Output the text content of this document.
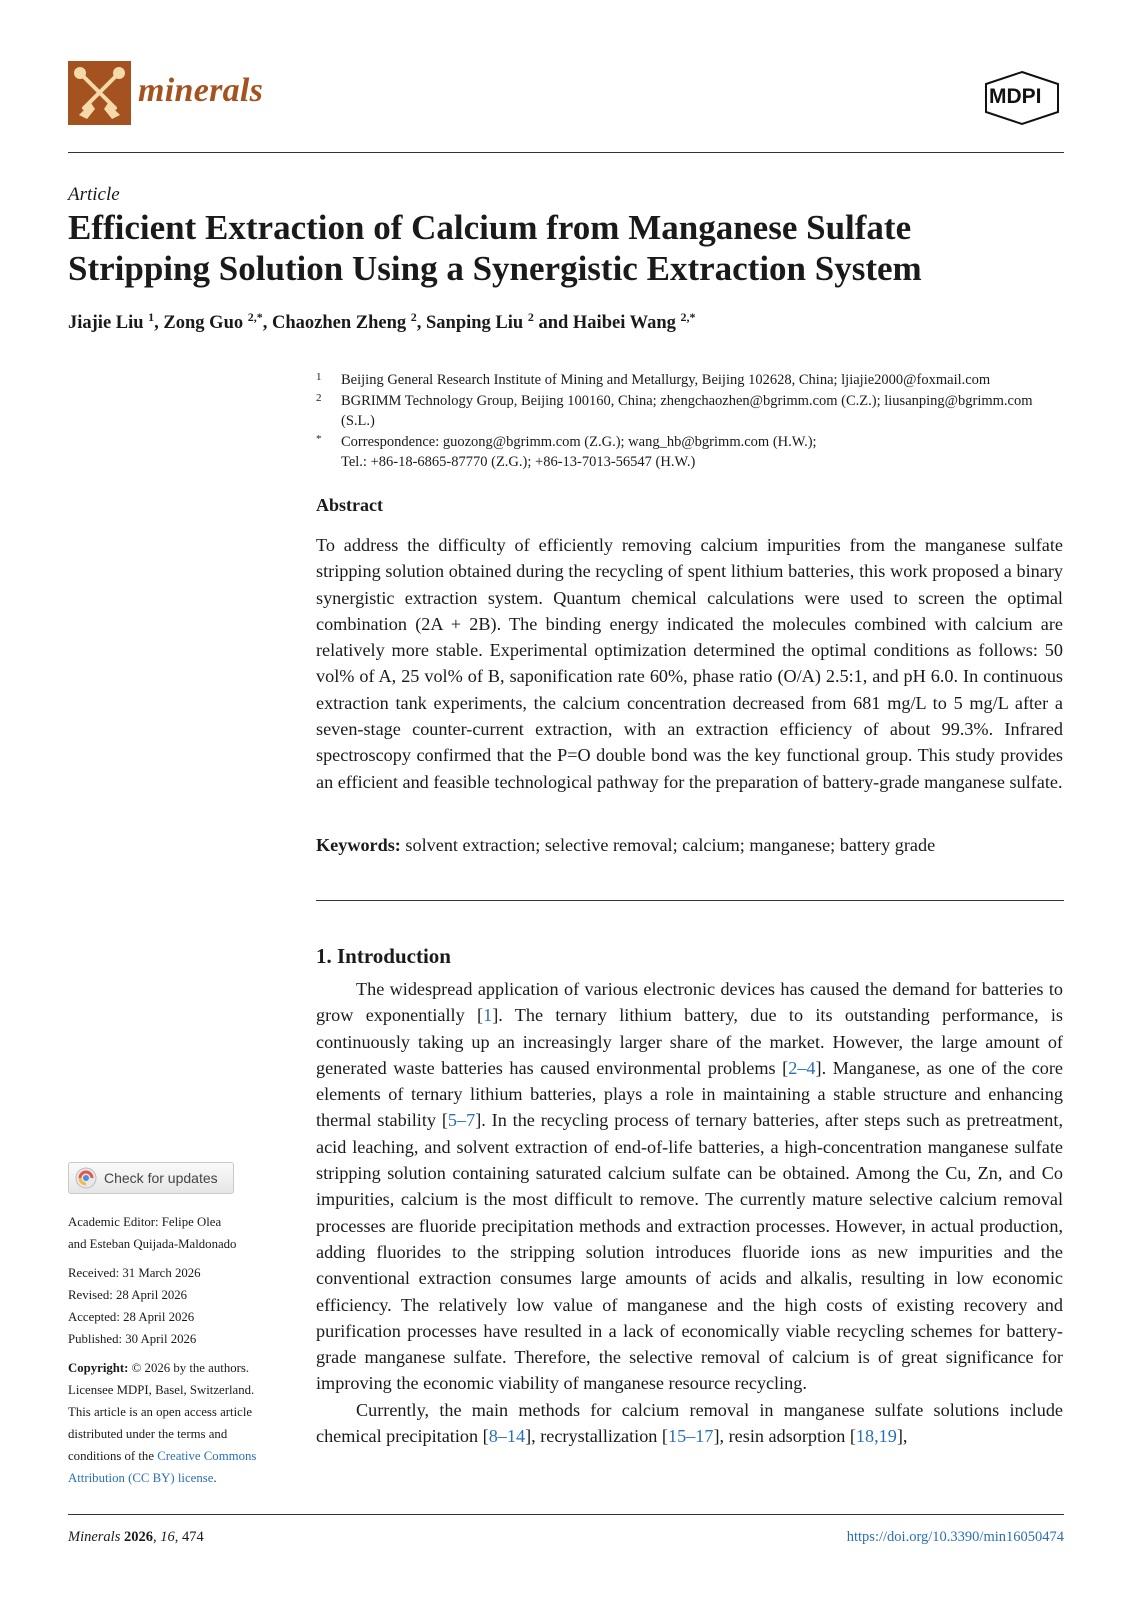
minerals	MDPI
Article
Efficient Extraction of Calcium from Manganese Sulfate
Stripping Solution Using a Synergistic Extraction System
Jiajie Liu $^1$, Zong Guo $^{2,*}$, Chaozhen Zheng $^2$, Sanping Liu $^2$ and Haibei Wang $^{2,*}$
1	Beijing General Research Institute of Mining and Metallurgy, Beijing 102628, China; ljiajie2000@foxmail.com
2	BGRIMM Technology Group, Beijing 100160, China; zhengchaozhen@bgrimm.com (C.Z.); liusanping@bgrimm.com (S.L.)
*	Correspondence: guozong@bgrimm.com (Z.G.); wang_hb@bgrimm.com (H.W.);
Tel.: +86-18-6865-87770 (Z.G.); +86-13-7013-56547 (H.W.)
Abstract

To address the difficulty of efficiently removing calcium impurities from the manganese sulfate stripping solution obtained during the recycling of spent lithium batteries, this work proposed a binary synergistic extraction system. Quantum chemical calculations were used to screen the optimal combination (2A + 2B). The binding energy indicated the molecules combined with calcium are relatively more stable. Experimental optimization determined the optimal conditions as follows: 50 vol% of A, 25 vol% of B, saponification rate 60%, phase ratio (O/A) 2.5:1, and pH 6.0. In continuous extraction tank experiments, the calcium concentration decreased from 681 mg/L to 5 mg/L after a seven-stage counter-current extraction, with an extraction efficiency of about 99.3%. Infrared spectroscopy confirmed that the P=O double bond was the key functional group. This study provides an efficient and feasible technological pathway for the preparation of battery-grade manganese sulfate.

Keywords: solvent extraction; selective removal; calcium; manganese; battery grade
1. Introduction

The widespread application of various electronic devices has caused the demand for batteries to grow exponentially [1]. The ternary lithium battery, due to its outstanding performance, is continuously taking up an increasingly larger share of the market. However, the large amount of generated waste batteries has caused environmental problems [2–4]. Manganese, as one of the core elements of ternary lithium batteries, plays a role in maintaining a stable structure and enhancing thermal stability [5–7]. In the recycling process of ternary batteries, after steps such as pretreatment, acid leaching, and solvent extraction of end-of-life batteries, a high-concentration manganese sulfate stripping solution containing saturated calcium sulfate can be obtained. Among the Cu, Zn, and Co impurities, calcium is the most difficult to remove. The currently mature selective calcium removal processes are fluoride precipitation methods and extraction processes. However, in actual production, adding fluorides to the stripping solution introduces fluoride ions as new impurities and the conventional extraction consumes large amounts of acids and alkalis, resulting in low economic efficiency. The relatively low value of manganese and the high costs of existing recovery and purification processes have resulted in a lack of economically viable recycling schemes for battery-grade manganese sulfate. Therefore, the selective removal of calcium is of great significance for improving the economic viability of manganese resource recycling.

Currently, the main methods for calcium removal in manganese sulfate solutions include chemical precipitation [8–14], recrystallization [15–17], resin adsorption [18,19],

Check for updates
Academic Editor: Felipe Olea
and Esteban Quijada-Maldonado
Received: 31 March 2026
Revised: 28 April 2026
Accepted: 28 April 2026
Published: 30 April 2026
Copyright: © 2026 by the authors.
Licensee MDPI, Basel, Switzerland.
This article is an open access article
distributed under the terms and
conditions of the Creative Commons
Attribution (CC BY) license.
Minerals 2026, 16, 474	https://doi.org/10.3390/min16050474
